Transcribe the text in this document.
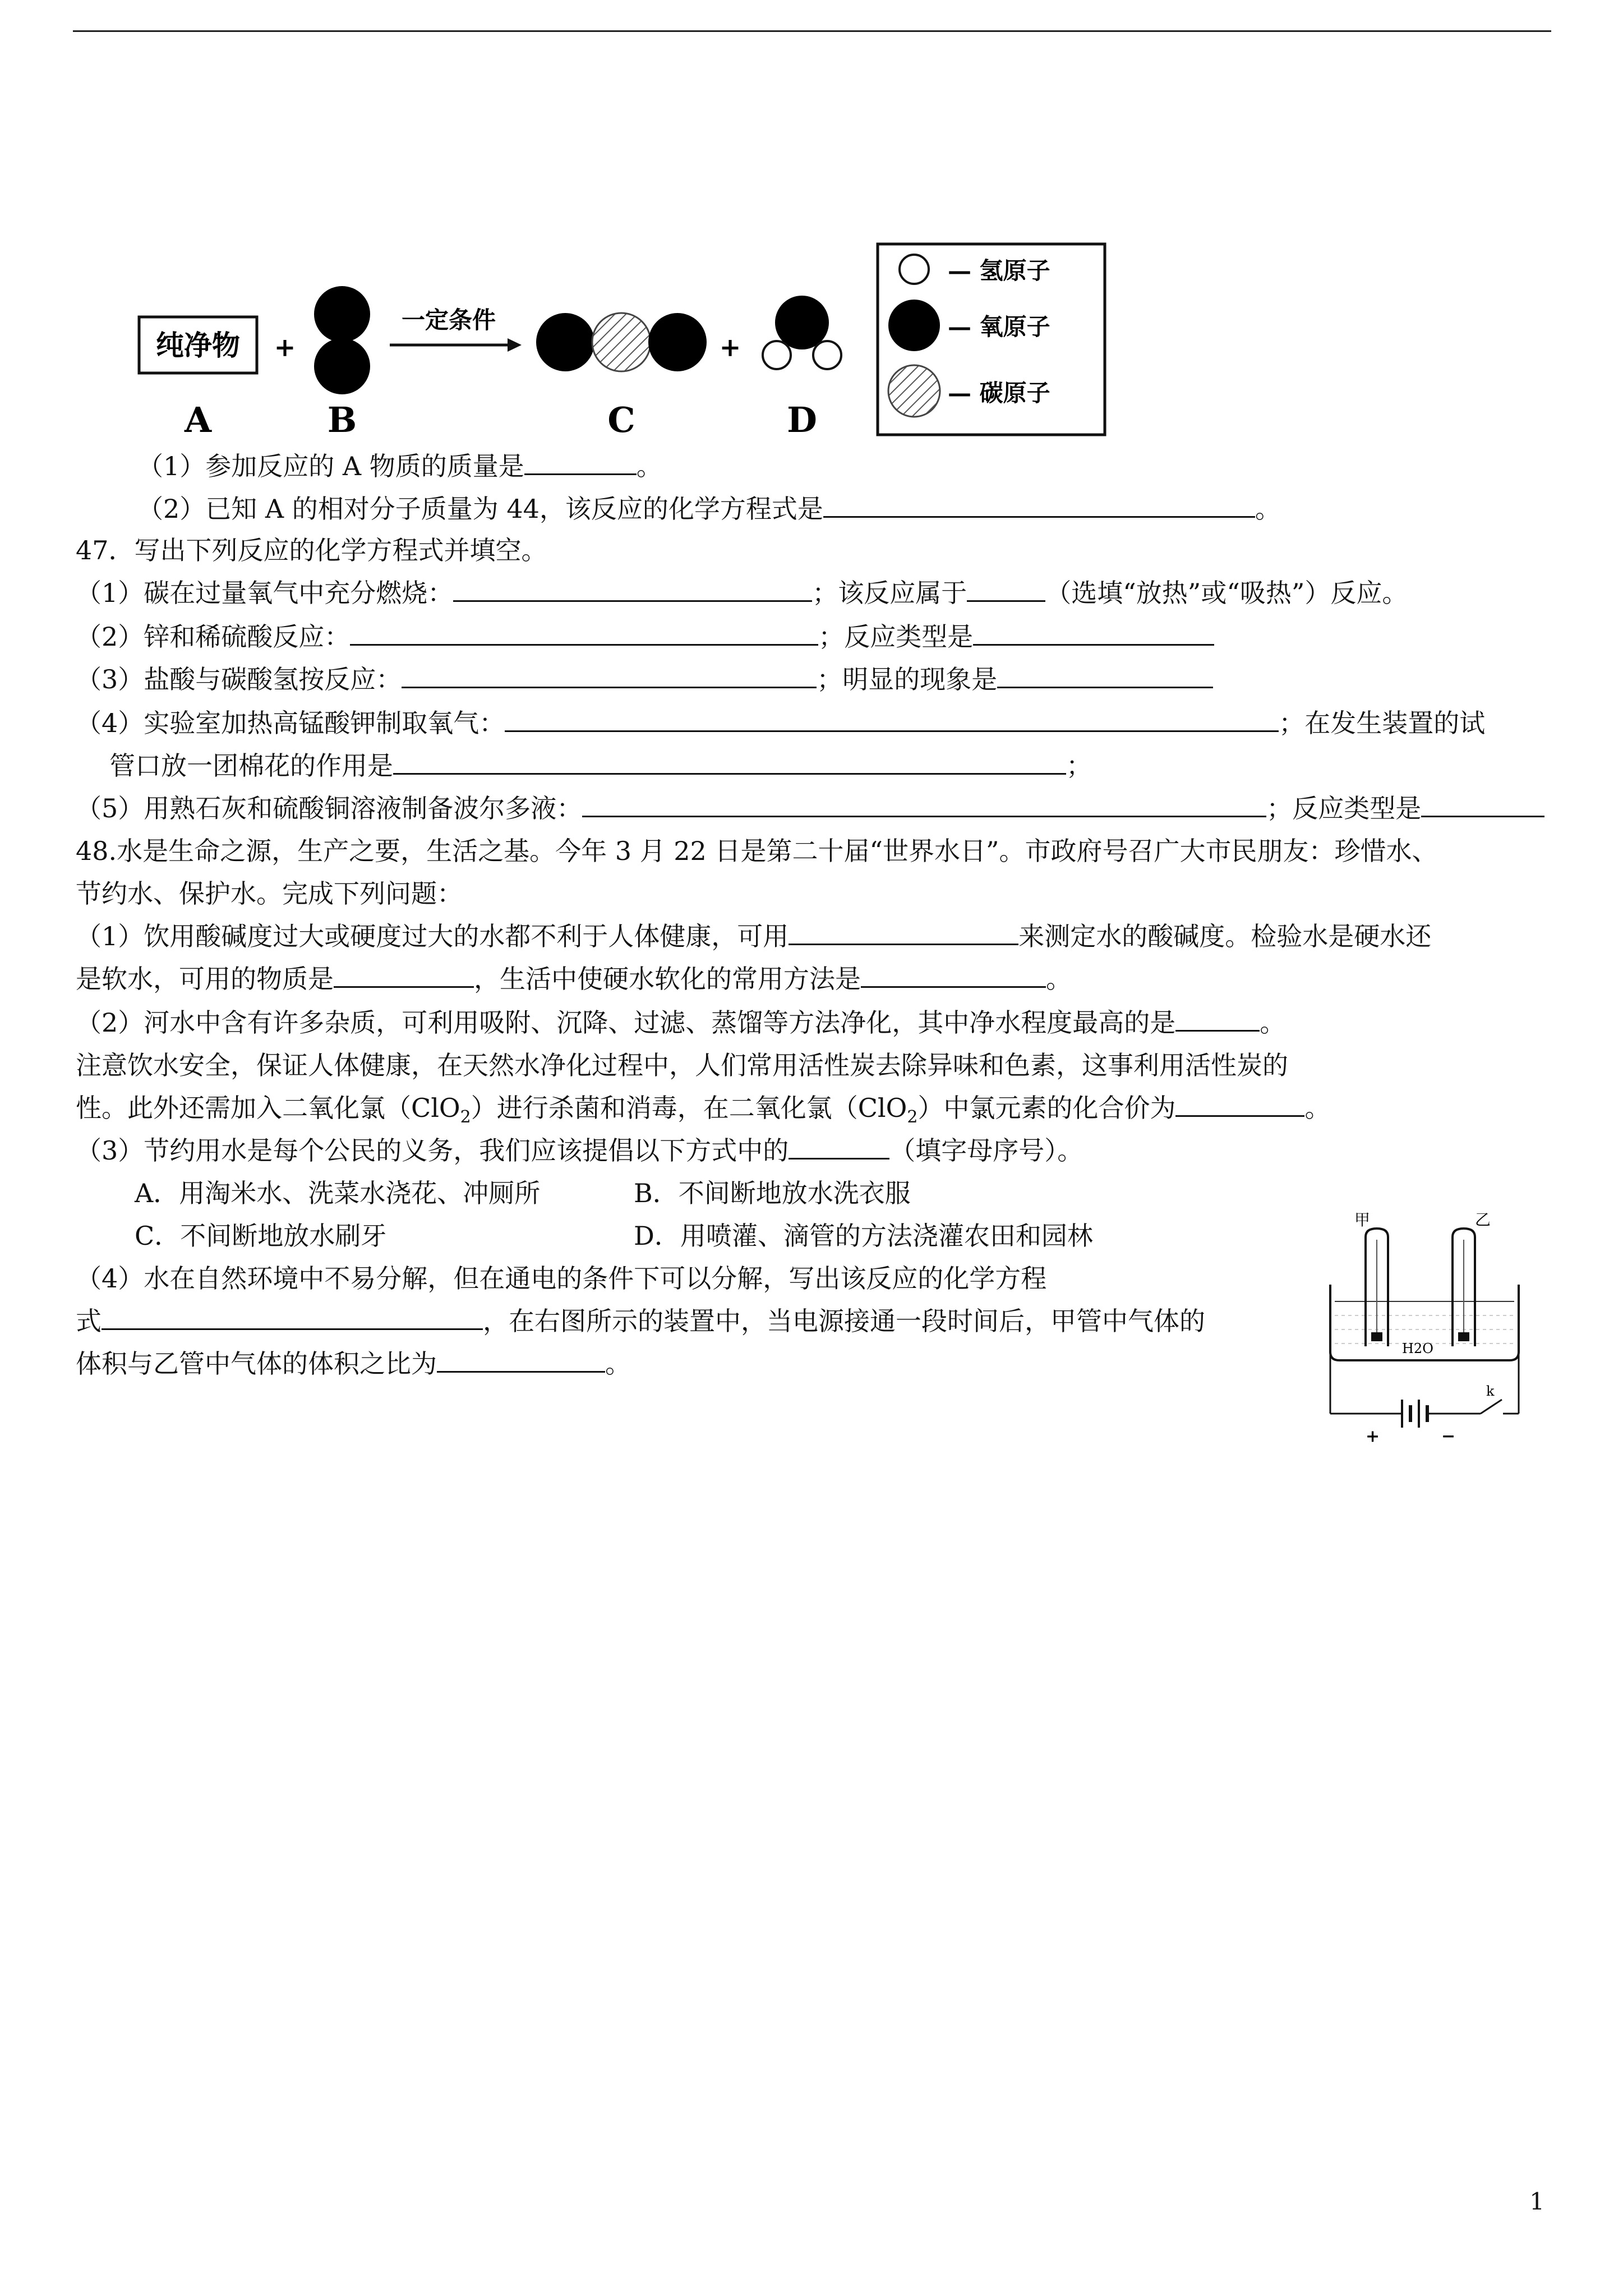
纯净物 +
一定条件
+
A	B	C	D
— 氢原子
— 氧原子
— 碳原子
（1）参加反应的 A 物质的质量是	。
（2）已知 A 的相对分子质量为 44，该反应的化学方程式是	。
47．写出下列反应的化学方程式并填空。
（1）碳在过量氧气中充分燃烧：	；该反应属于	（选填“放热”或“吸热”）反应。
（2）锌和稀硫酸反应：	；反应类型是
（3）盐酸与碳酸氢按反应：	；明显的现象是
（4）实验室加热高锰酸钾制取氧气：	；在发生装置的试
管口放一团棉花的作用是	；
（5）用熟石灰和硫酸铜溶液制备波尔多液：	；反应类型是
48.水是生命之源，生产之要，生活之基。今年 3 月 22 日是第二十届“世界水日”。市政府号召广大市民朋友：珍惜水、
节约水、保护水。完成下列问题：
（1）饮用酸碱度过大或硬度过大的水都不利于人体健康，可用	来测定水的酸碱度。检验水是硬水还
是软水，可用的物质是	，生活中使硬水软化的常用方法是	。
（2）河水中含有许多杂质，可利用吸附、沉降、过滤、蒸馏等方法净化，其中净水程度最高的是	。
注意饮水安全，保证人体健康，在天然水净化过程中，人们常用活性炭去除异味和色素，这事利用活性炭的
性。此外还需加入二氧化氯（ClO$_2$）进行杀菌和消毒，在二氧化氯（ClO$_2$）中氯元素的化合价为	。
（3）节约用水是每个公民的义务，我们应该提倡以下方式中的	（填字母序号）。
A．用淘米水、洗菜水浇花、冲厕所	B．不间断地放水洗衣服
C．不间断地放水刷牙	D．用喷灌、滴管的方法浇灌农田和园林
（4）水在自然环境中不易分解，但在通电的条件下可以分解，写出该反应的化学方程
式	，在右图所示的装置中，当电源接通一段时间后，甲管中气体的
体积与乙管中气体的体积之比为	。
甲	乙
H2O
k
+	−
1
